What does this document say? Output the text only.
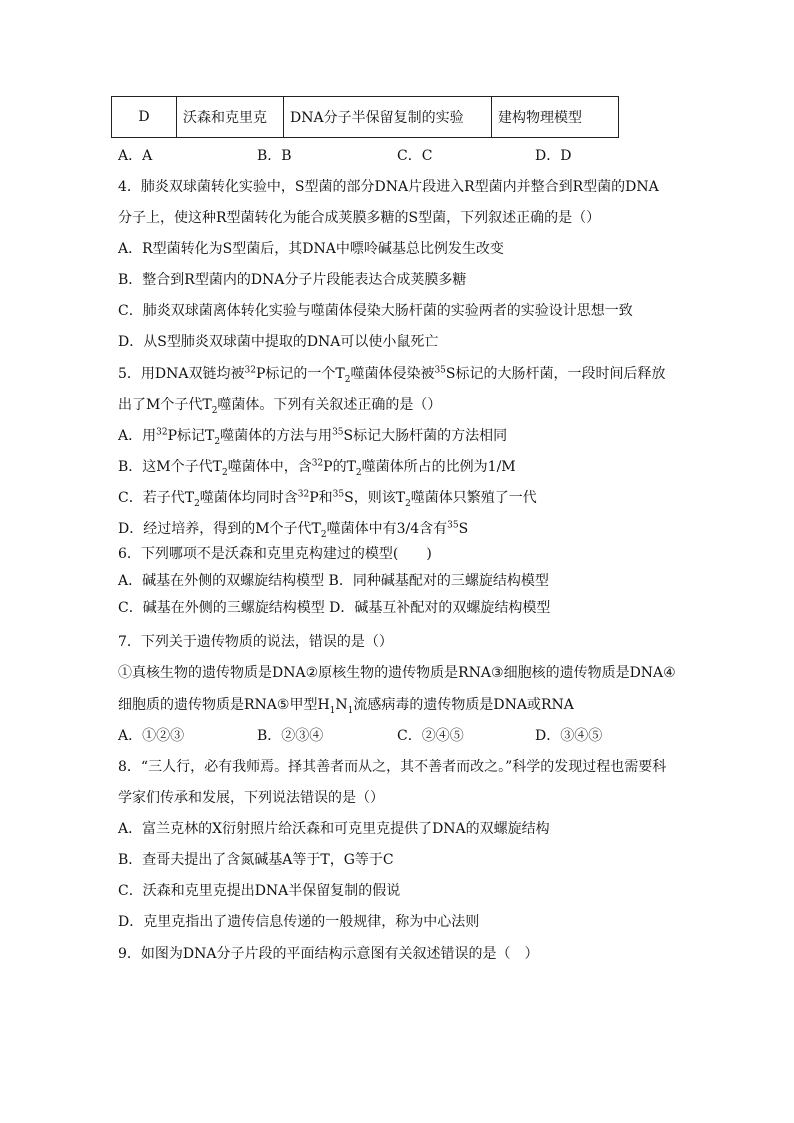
D	沃森和克里克	DNA分子半保留复制的实验	建构物理模型
A．A	B．B	C．C	D．D
4．肺炎双球菌转化实验中，S型菌的部分DNA片段进入R型菌内并整合到R型菌的DNA
分子上，使这种R型菌转化为能合成荚膜多糖的S型菌，下列叙述正确的是（）
A．R型菌转化为S型菌后，其DNA中嘌呤碱基总比例发生改变
B．整合到R型菌内的DNA分子片段能表达合成荚膜多糖
C．肺炎双球菌离体转化实验与噬菌体侵染大肠杆菌的实验两者的实验设计思想一致
D．从S型肺炎双球菌中提取的DNA可以使小鼠死亡
5．用DNA双链均被$^{32}$P标记的一个$T_2$噬菌体侵染被$^{35}$S标记的大肠杆菌，一段时间后释放
出了M个子代$T_2$噬菌体。下列有关叙述正确的是（）
A．用$^{32}$P标记$T_2$噬菌体的方法与用$^{35}$S标记大肠杆菌的方法相同
B．这M个子代$T_2$噬菌体中，含$^{32}$P的$T_2$噬菌体所占的比例为1/M
C．若子代$T_2$噬菌体均同时含$^{32}$P和$^{35}$S，则该$T_2$噬菌体只繁殖了一代
D．经过培养，得到的M个子代$T_2$噬菌体中有3/4含有$^{35}$S
6．下列哪项不是沃森和克里克构建过的模型(　　)
A．碱基在外侧的双螺旋结构模型 B．同种碱基配对的三螺旋结构模型
C．碱基在外侧的三螺旋结构模型 D．碱基互补配对的双螺旋结构模型
7．下列关于遗传物质的说法，错误的是（）
①真核生物的遗传物质是DNA②原核生物的遗传物质是RNA③细胞核的遗传物质是DNA④
细胞质的遗传物质是RNA⑤甲型$H_1N_1$流感病毒的遗传物质是DNA或RNA
A．①②③	B．②③④	C．②④⑤	D．③④⑤
8．“三人行，必有我师焉。择其善者而从之，其不善者而改之。”科学的发现过程也需要科
学家们传承和发展，下列说法错误的是（）
A．富兰克林的X衍射照片给沃森和可克里克提供了DNA的双螺旋结构
B．查哥夫提出了含氮碱基A等于T，G等于C
C．沃森和克里克提出DNA半保留复制的假说
D．克里克指出了遗传信息传递的一般规律，称为中心法则
9．如图为DNA分子片段的平面结构示意图有关叙述错误的是（　）
